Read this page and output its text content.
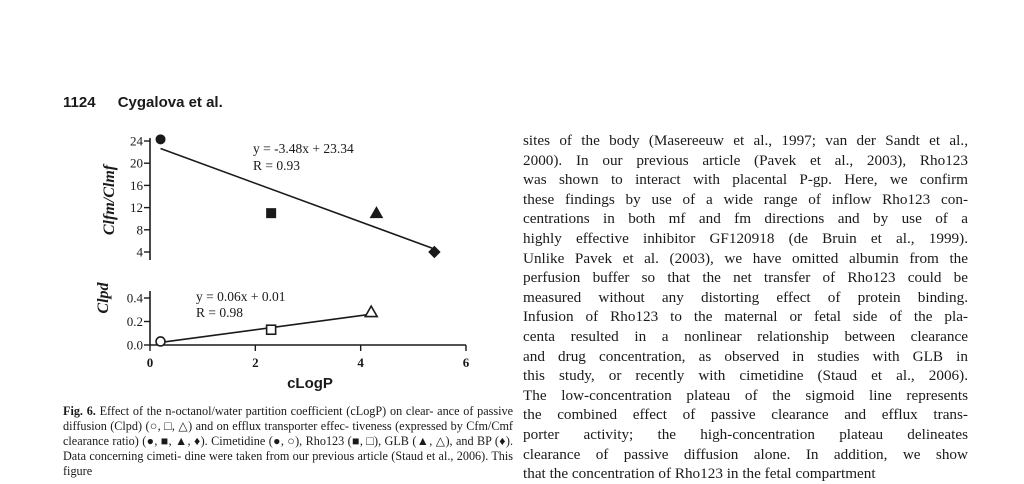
1124 Cygalova et al.
24
20
16
12
8
4
0.4
0.2
0.0
0	2	4	6
y = -3.48x + 23.34
R = 0.93
y = 0.06x + 0.01
R = 0.98
Clfm/Clmf
Clpd
cLogP
Fig. 6. Effect of the n-octanol/water partition coefficient (cLogP) on clear- ance of passive diffusion (Clpd) (○, □, △) and on efflux transporter effec- tiveness (expressed by Cfm/Cmf clearance ratio) (●, ■, ▲, ♦). Cimetidine (●, ○), Rho123 (■, □), GLB (▲, △), and BP (♦). Data concerning cimeti- dine were taken from our previous article (Staud et al., 2006). This figure
sites of the body (Masereeuw et al., 1997; van der Sandt et al.,
2000). In our previous article (Pavek et al., 2003), Rho123
was shown to interact with placental P-gp. Here, we confirm
these findings by use of a wide range of inflow Rho123 con-
centrations in both mf and fm directions and by use of a
highly effective inhibitor GF120918 (de Bruin et al., 1999).
Unlike Pavek et al. (2003), we have omitted albumin from the
perfusion buffer so that the net transfer of Rho123 could be
measured without any distorting effect of protein binding.
Infusion of Rho123 to the maternal or fetal side of the pla-
centa resulted in a nonlinear relationship between clearance
and drug concentration, as observed in studies with GLB in
this study, or recently with cimetidine (Staud et al., 2006).
The low-concentration plateau of the sigmoid line represents
the combined effect of passive clearance and efflux trans-
porter activity; the high-concentration plateau delineates
clearance of passive diffusion alone. In addition, we show
that the concentration of Rho123 in the fetal compartment
